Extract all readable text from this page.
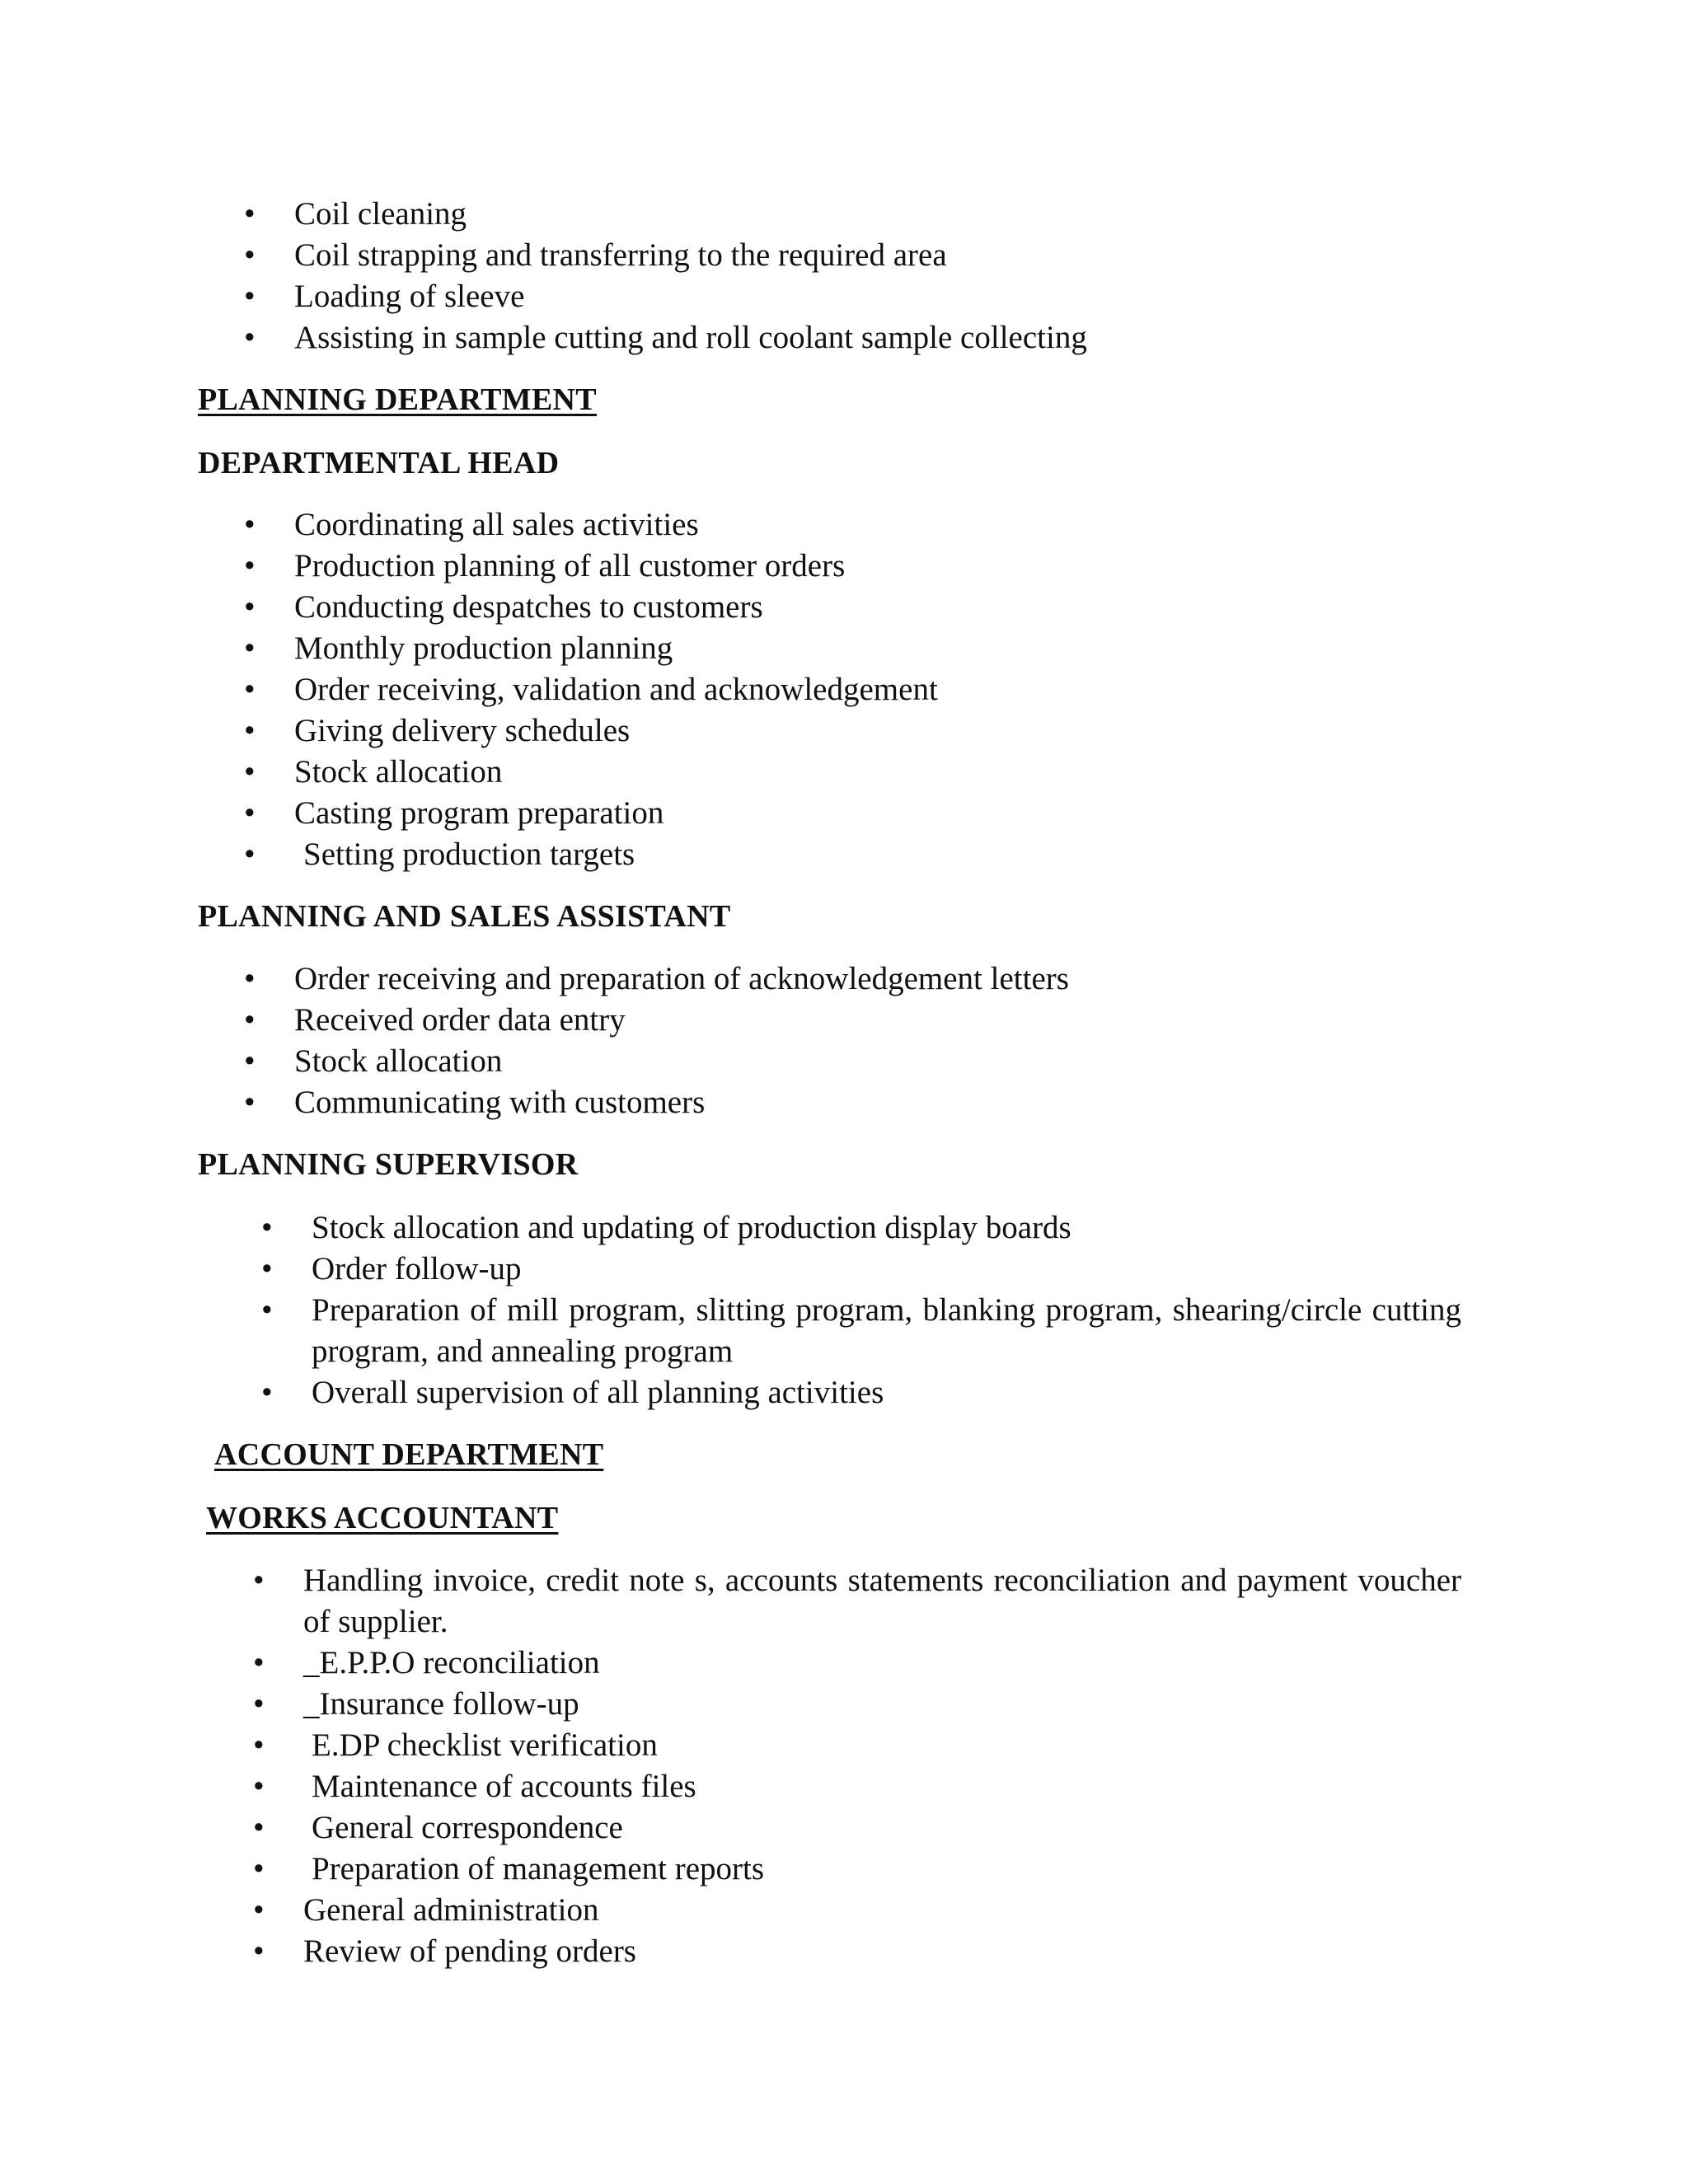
• Coil cleaning
• Coil strapping and transferring to the required area
• Loading of sleeve
• Assisting in sample cutting and roll coolant sample collecting
PLANNING DEPARTMENT
DEPARTMENTAL HEAD
• Coordinating all sales activities
• Production planning of all customer orders
• Conducting despatches to customers
• Monthly production planning
• Order receiving, validation and acknowledgement
• Giving delivery schedules
• Stock allocation
• Casting program preparation
• Setting production targets
PLANNING AND SALES ASSISTANT
• Order receiving and preparation of acknowledgement letters
• Received order data entry
• Stock allocation
• Communicating with customers
PLANNING SUPERVISOR
• Stock allocation and updating of production display boards
• Order follow-up
• Preparation of mill program, slitting program, blanking program, shearing/circle cutting program, and annealing program
• Overall supervision of all planning activities
ACCOUNT DEPARTMENT
WORKS ACCOUNTANT
• Handling invoice, credit note s, accounts statements reconciliation and payment voucher of supplier.
• _E.P.P.O reconciliation
• _Insurance follow-up
• E.DP checklist verification
• Maintenance of accounts files
• General correspondence
• Preparation of management reports
• General administration
• Review of pending orders
